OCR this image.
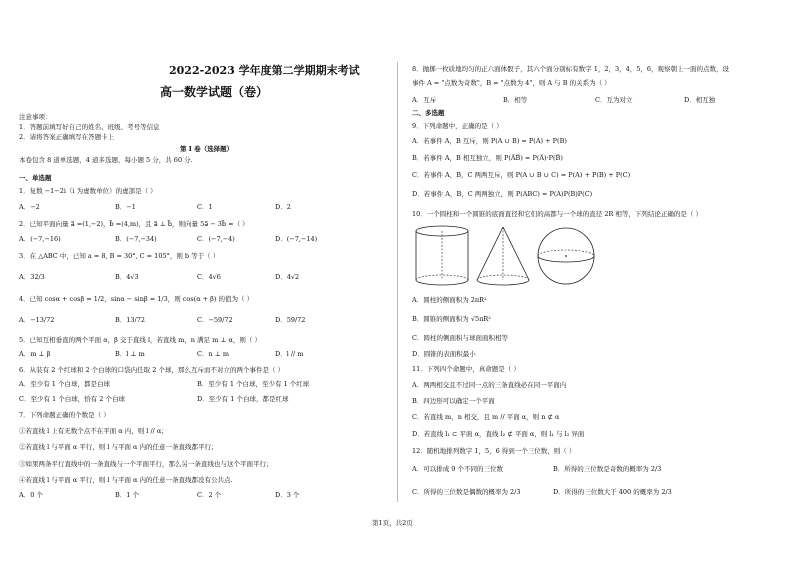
2022-2023 学年度第二学期期末考试
高一数学试题（卷）
注意事项：
1．答题前填写好自己的姓名、班级、考号等信息
2．请将答案正确填写在答题卡上
第 I 卷（选择题）
本卷包含 8 道单选题，4 道多选题，每小题 5 分，共 60 分.
一、单选题
1．复数 −1−2i（i 为虚数单位）的虚部是（ ）
A．−2	B．−1	C．1	D．2
2．已知平面向量 a⃗ =(1,−2)，b⃗ =(4,m)，且 a⃗ ⊥ b⃗，则向量 5a⃗ − 3b⃗ =（ ）
A．(−7,−16)	B．(−7,−34)	C．(−7,−4)	D．(−7,−14)
3．在 △ABC 中，已知 a = 8, B = 30°, C = 105°，则 b 等于（ ）
A．32/3	B．4√3	C．4√6	D．4√2
4．已知 cosα + cosβ = 1/2，sinα − sinβ = 1/3，则 cos(α + β) 的值为（ ）
A．−13/72	B．13/72	C．−59/72	D．59/72
5．已知互相垂直的两个平面 α，β 交于直线 l，若直线 m，n 满足 m ⊥ α，则（ ）
A．m ⊥ β	B．l ⊥ m	C．n ⊥ m	D．l // m
6．从装有 2 个红球和 2 个白球的口袋内任取 2 个球，那么互斥而不对立的两个事件是（ ）
A．至少有 1 个白球，都是白球	B．至少有 1 个白球，至少有 1 个红球
C．至少有 1 个白球，恰有 2 个白球	D．至少有 1 个白球，都是红球
7．下列命题正确的个数是（ ）
①若直线 l 上有无数个点不在平面 α 内，则 l // α；
②若直线 l 与平面 α 平行，则 l 与平面 α 内的任意一条直线都平行；
③如果两条平行直线中的一条直线与一个平面平行，那么另一条直线也与这个平面平行；
④若直线 l 与平面 α 平行，则 l 与平面 α 内的任意一条直线都没有公共点.
A．0 个	B．1 个	C．2 个	D．3 个
8．抛掷一枚质地均匀的正六面体骰子，其六个面分别标有数字 1，2，3，4，5，6，观察朝上一面的点数，设
事件 A = "点数为奇数"，B = "点数为 4"，则 A 与 B 的关系为（ ）
A．互斥	B．相等	C．互为对立	D．相互独
二、多选题
9．下列命题中，正确的是（ ）
A．若事件 A，B 互斥，则 P(A ∪ B) = P(A) + P(B)
B．若事件 A，B 相互独立，则 P(A̅B̅) = P(A̅)·P(B̅)
C．若事件 A，B，C 两两互斥，则 P(A ∪ B ∪ C) = P(A) + P(B) + P(C)
D．若事件 A，B，C 两两独立，则 P(ABC) = P(A)P(B)P(C)
10．一个圆柱和一个圆锥的底面直径和它们的高都与一个球的直径 2R 相等，下列结论正确的是（ ）
A．圆柱的侧面积为 2πR²
B．圆锥的侧面积为 √5πR²
C．圆柱的侧面积与球面面积相等
D．圆锥的表面积最小
11．下列四个命题中，真命题是（ ）
A．两两相交且不过同一点的三条直线必在同一平面内
B．四边形可以确定一个平面
C．若直线 m，n 相交，且 m // 平面 α，则 n ⊄ α
D．若直线 l₁ ⊂ 平面 α，直线 l₂ ⊄ 平面 α，则 l₁ 与 l₂ 异面
12．随机地排列数字 1，5，6 得到一个三位数，则（ ）
A．可以排成 9 个不同的三位数	B．所得的三位数是奇数的概率为 2/3
C．所得的三位数是偶数的概率为 2/3	D．所得的三位数大于 400 的概率为 2/3
第1页，共2页
